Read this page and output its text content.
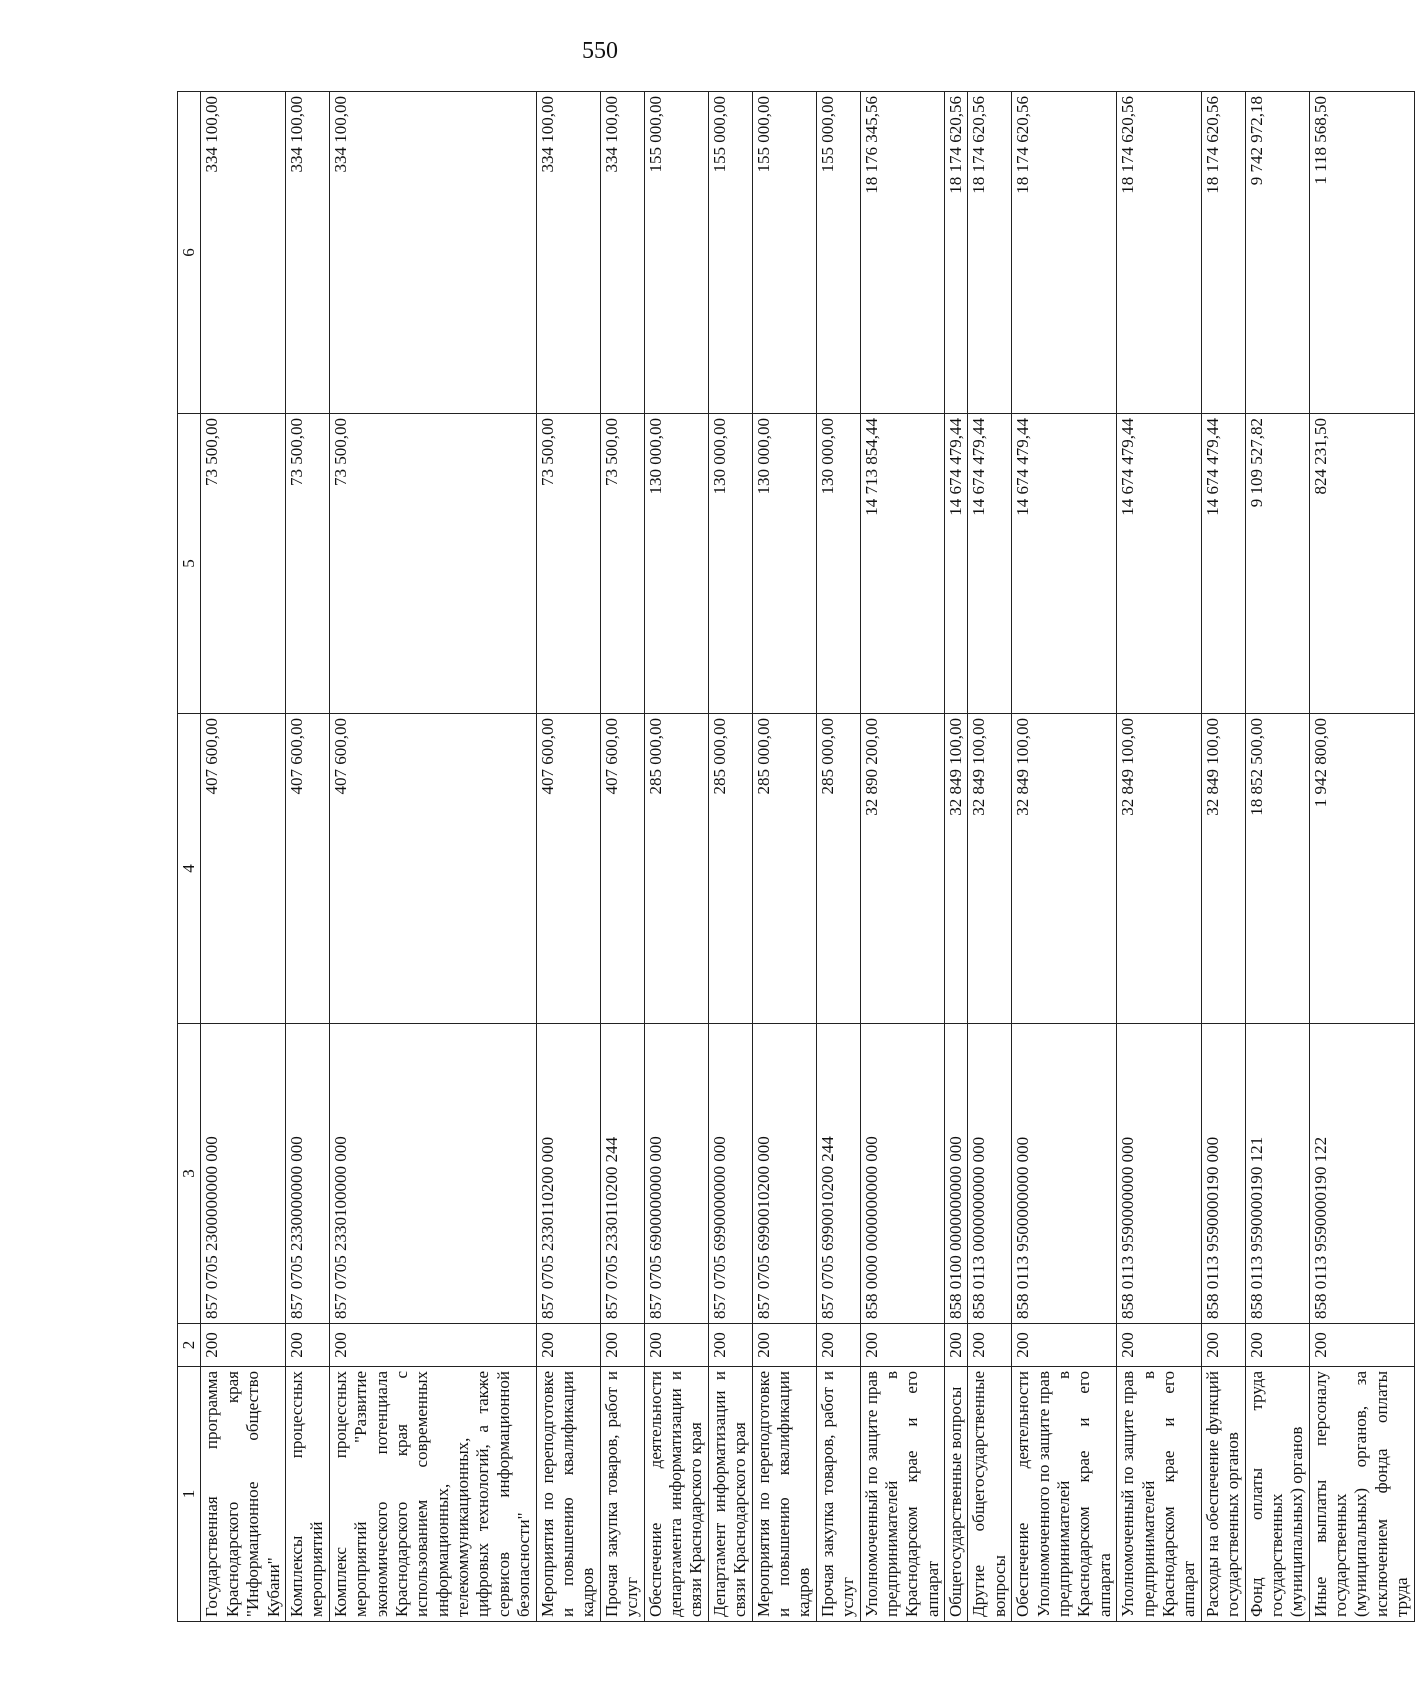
550
1	2	3	4	5	6
Государственная программа Краснодарского края "Информационное общество Кубани"	200	857 0705 2300000000 000	407 600,00	73 500,00	334 100,00
Комплексы процессных мероприятий	200	857 0705 2330000000 000	407 600,00	73 500,00	334 100,00
Комплекс процессных мероприятий "Развитие экономического потенциала Краснодарского края с использованием современных информационных, телекоммуникационных, цифровых технологий, а также сервисов информационной безопасности"	200	857 0705 2330100000 000	407 600,00	73 500,00	334 100,00
Мероприятия по переподготовке и повышению квалификации кадров	200	857 0705 2330110200 000	407 600,00	73 500,00	334 100,00
Прочая закупка товаров, работ и услуг	200	857 0705 2330110200 244	407 600,00	73 500,00	334 100,00
Обеспечение деятельности департамента информатизации и связи Краснодарского края	200	857 0705 6900000000 000	285 000,00	130 000,00	155 000,00
Департамент информатизации и связи Краснодарского края	200	857 0705 6990000000 000	285 000,00	130 000,00	155 000,00
Мероприятия по переподготовке и повышению квалификации кадров	200	857 0705 6990010200 000	285 000,00	130 000,00	155 000,00
Прочая закупка товаров, работ и услуг	200	857 0705 6990010200 244	285 000,00	130 000,00	155 000,00
Уполномоченный по защите прав предпринимателей в Краснодарском крае и его аппарат	200	858 0000 0000000000 000	32 890 200,00	14 713 854,44	18 176 345,56
Общегосударственные вопросы	200	858 0100 0000000000 000	32 849 100,00	14 674 479,44	18 174 620,56
Другие общегосударственные вопросы	200	858 0113 0000000000 000	32 849 100,00	14 674 479,44	18 174 620,56
Обеспечение деятельности Уполномоченного по защите прав предпринимателей в Краснодарском крае и его аппарата	200	858 0113 9500000000 000	32 849 100,00	14 674 479,44	18 174 620,56
Уполномоченный по защите прав предпринимателей в Краснодарском крае и его аппарат	200	858 0113 9590000000 000	32 849 100,00	14 674 479,44	18 174 620,56
Расходы на обеспечение функций государственных органов	200	858 0113 9590000190 000	32 849 100,00	14 674 479,44	18 174 620,56
Фонд оплаты труда государственных (муниципальных) органов	200	858 0113 9590000190 121	18 852 500,00	9 109 527,82	9 742 972,18
Иные выплаты персоналу государственных (муниципальных) органов, за исключением фонда оплаты труда	200	858 0113 9590000190 122	1 942 800,00	824 231,50	1 118 568,50
